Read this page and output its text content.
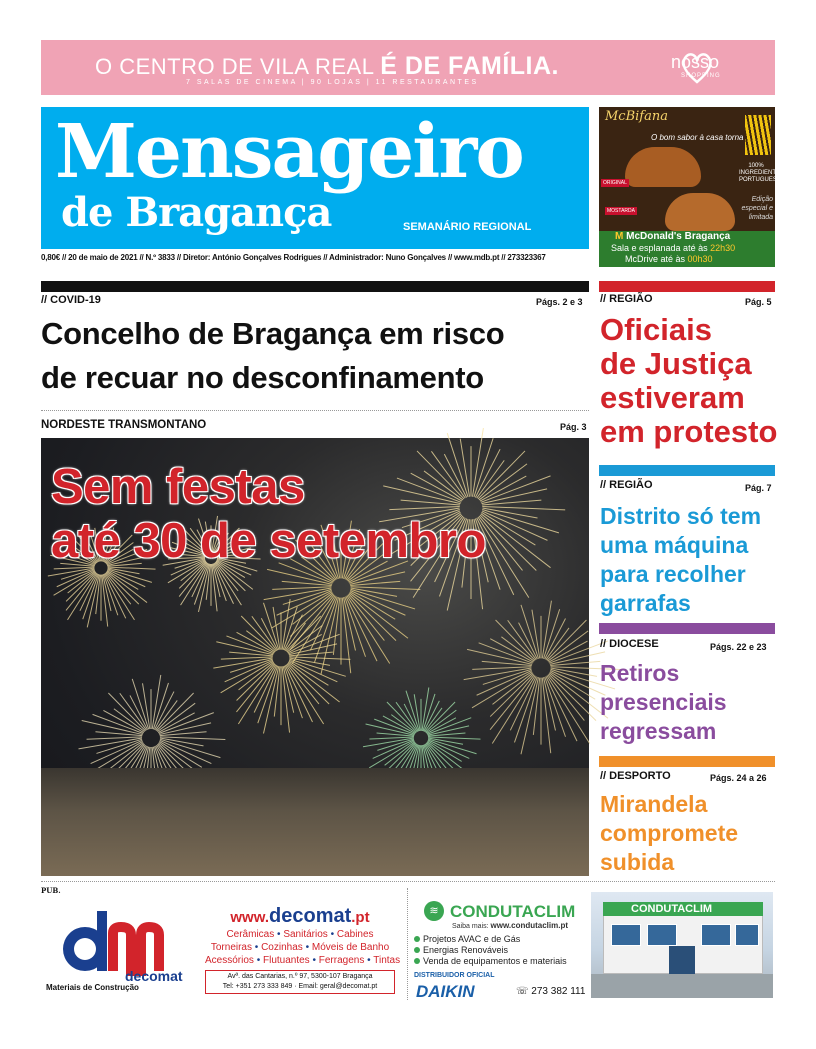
O CENTRO DE VILA REAL É DE FAMÍLIA.
7 SALAS DE CINEMA | 90 LOJAS | 11 RESTAURANTES
nosso
SHOPPING
Mensageiro
de Bragança	SEMANÁRIO REGIONAL
0,80€ // 20 de maio de 2021 // N.º 3833 // Diretor: António Gonçalves Rodrigues // Administrador: Nuno Gonçalves // www.mdb.pt // 273323367
McBifana
O bom sabor à casa torna
ORIGINAL
MOSTARDA
100% INGREDIENTES PORTUGUESES
Edição especial e limitada
M McDonald's Bragança
Sala e esplanada até às 22h30
McDrive até às 00h30
// COVID-19	Págs. 2 e 3
Concelho de Bragança em risco
de recuar no desconfinamento
NORDESTE TRANSMONTANO	Pág. 3
Sem festas
até 30 de setembro
// REGIÃO	Pág. 5
Oficiais
de Justiça
estiveram
em protesto
// REGIÃO	Pág. 7
Distrito só tem
uma máquina
para recolher
garrafas
// DIOCESE	Págs. 22 e 23
Retiros
presenciais
regressam
// DESPORTO	Págs. 24 a 26
Mirandela
compromete
subida
PUB.
decomat
Materiais de Construção
www.decomat.pt
Cerâmicas • Sanitários • Cabines
Torneiras • Cozinhas • Móveis de Banho
Acessórios • Flutuantes • Ferragens • Tintas
Avª. das Cantarias, n.º 97, 5300-107 Bragança
Tel: +351 273 333 849 · Email: geral@decomat.pt
≋ CONDUTACLIM
Saiba mais: www.condutaclim.pt
Projetos AVAC e de Gás
Energias Renováveis
Venda de equipamentos e materiais
DISTRIBUIDOR OFICIAL
DAIKIN	☏ 273 382 111
CONDUTACLIM
